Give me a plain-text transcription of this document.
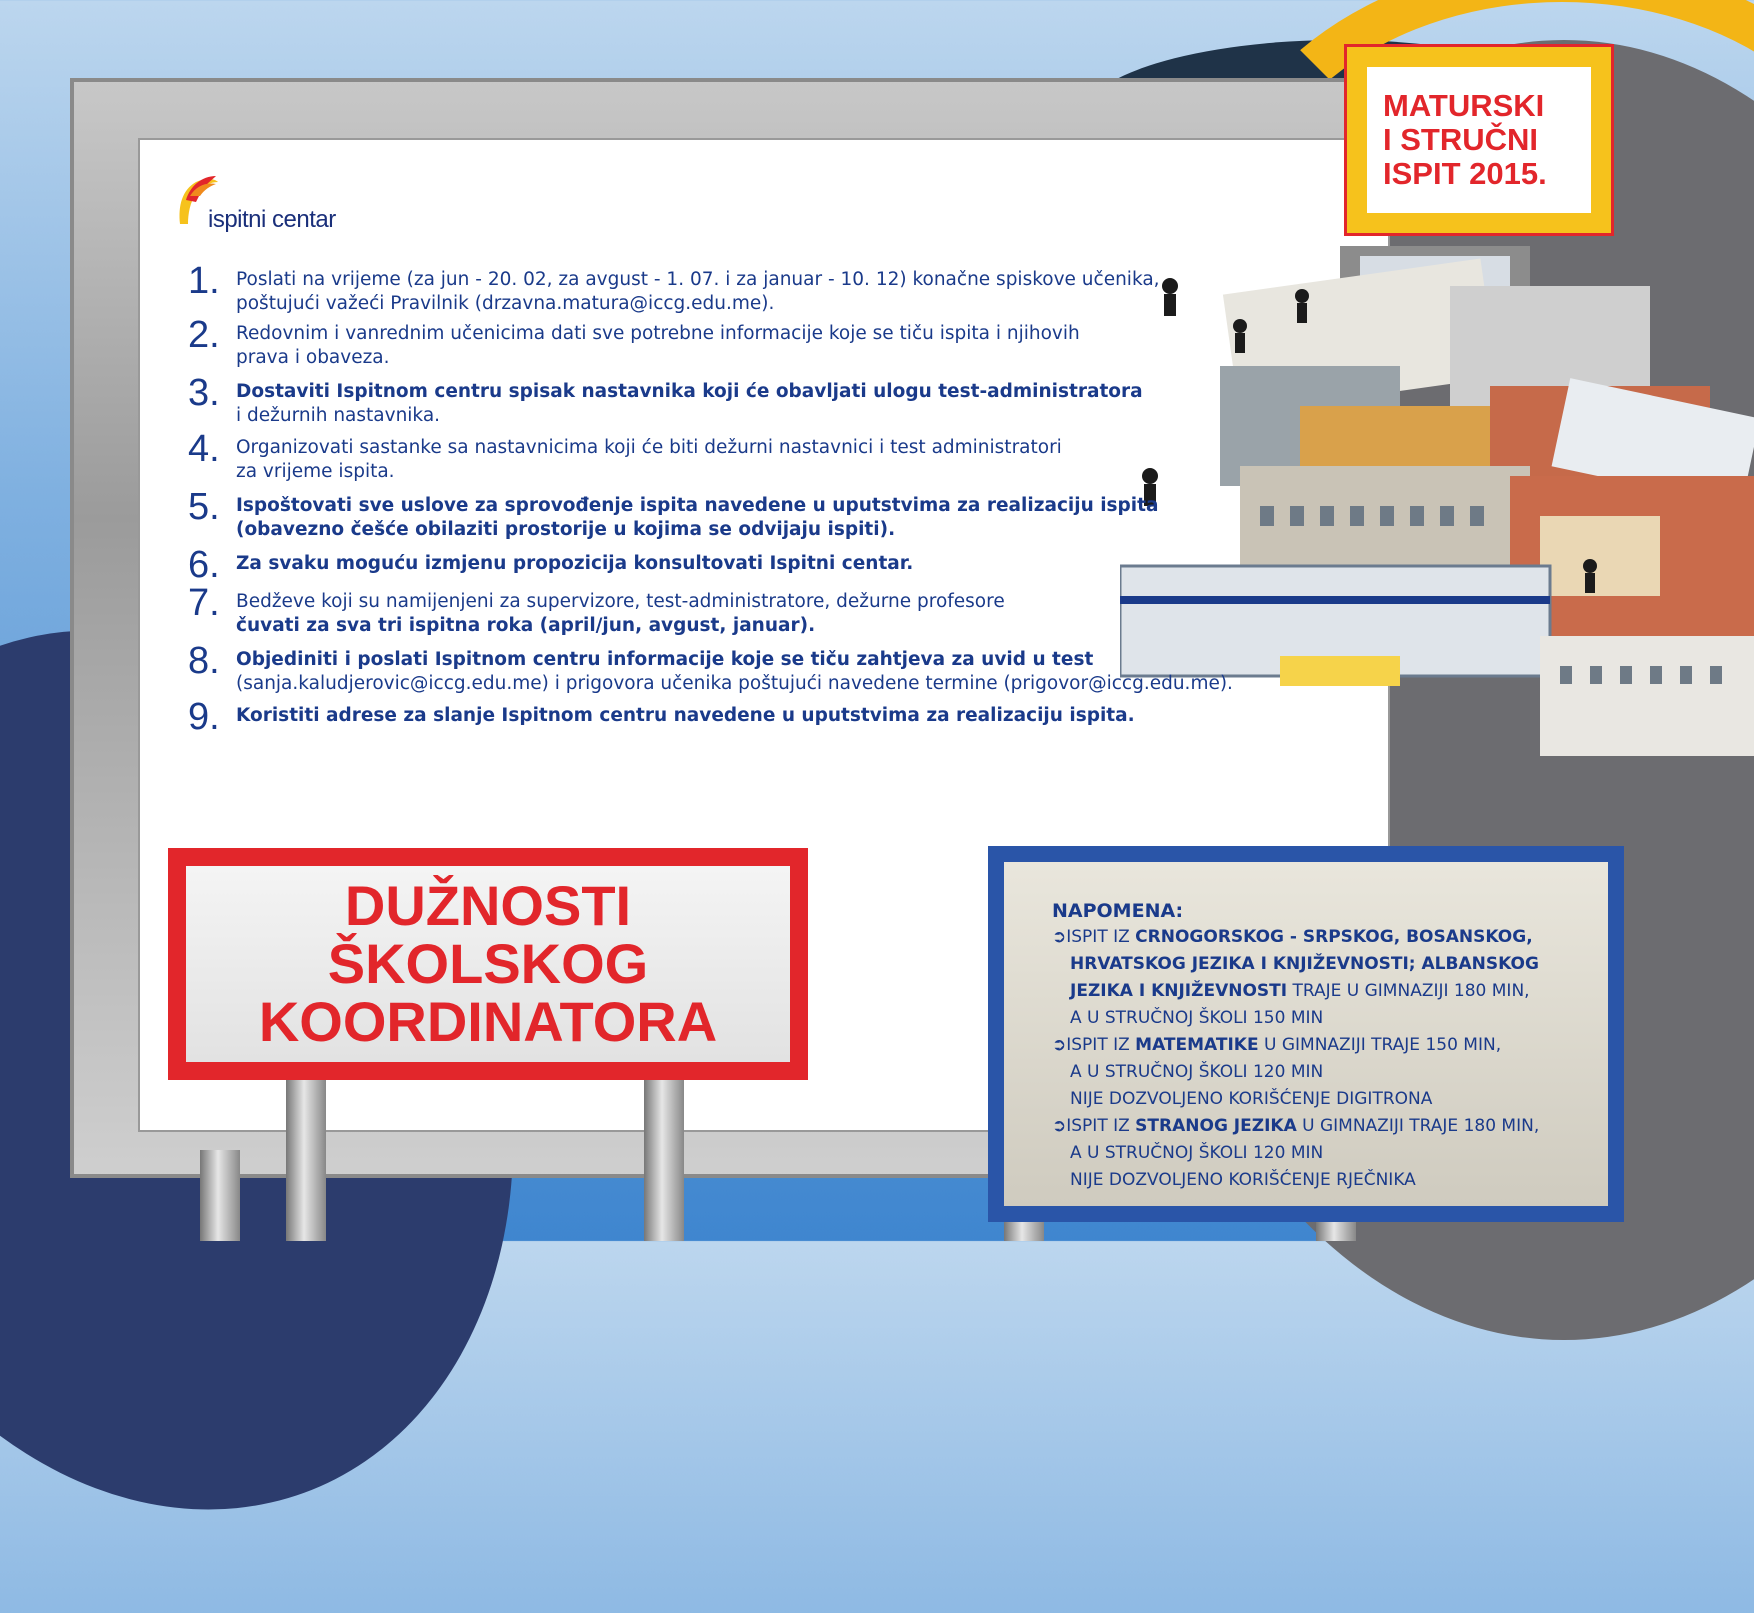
ispitni centar
1. Poslati na vrijeme (za jun - 20. 02, za avgust - 1. 07. i za januar - 10. 12) konačne spiskove učenika,
poštujući važeći Pravilnik (drzavna.matura@iccg.edu.me).
2. Redovnim i vanrednim učenicima dati sve potrebne informacije koje se tiču ispita i njihovih
prava i obaveza.
3. Dostaviti Ispitnom centru spisak nastavnika koji će obavljati ulogu test-administratora
i dežurnih nastavnika.
4. Organizovati sastanke sa nastavnicima koji će biti dežurni nastavnici i test administratori
za vrijeme ispita.
5. Ispoštovati sve uslove za sprovođenje ispita navedene u uputstvima za realizaciju ispita
(obavezno češće obilaziti prostorije u kojima se odvijaju ispiti).
6. Za svaku moguću izmjenu propozicija konsultovati Ispitni centar.
7. Bedževe koji su namijenjeni za supervizore, test-administratore, dežurne profesore
čuvati za sva tri ispitna roka (april/jun, avgust, januar).
8. Objediniti i poslati Ispitnom centru informacije koje se tiču zahtjeva za uvid u test
(sanja.kaludjerovic@iccg.edu.me) i prigovora učenika poštujući navedene termine (prigovor@iccg.edu.me).
9. Koristiti adrese za slanje Ispitnom centru navedene u uputstvima za realizaciju ispita.
DUŽNOSTI
ŠKOLSKOG
KOORDINATORA
MATURSKI
I STRUČNI
ISPIT 2015.
NAPOMENA:
➲ISPIT IZ CRNOGORSKOG - SRPSKOG, BOSANSKOG,
HRVATSKOG JEZIKA I KNJIŽEVNOSTI; ALBANSKOG
JEZIKA I KNJIŽEVNOSTI TRAJE U GIMNAZIJI 180 MIN,
A U STRUČNOJ ŠKOLI 150 MIN
➲ISPIT IZ MATEMATIKE U GIMNAZIJI TRAJE 150 MIN,
A U STRUČNOJ ŠKOLI 120 MIN
NIJE DOZVOLJENO KORIŠĆENJE DIGITRONA
➲ISPIT IZ STRANOG JEZIKA U GIMNAZIJI TRAJE 180 MIN,
A U STRUČNOJ ŠKOLI 120 MIN
NIJE DOZVOLJENO KORIŠĆENJE RJEČNIKA
